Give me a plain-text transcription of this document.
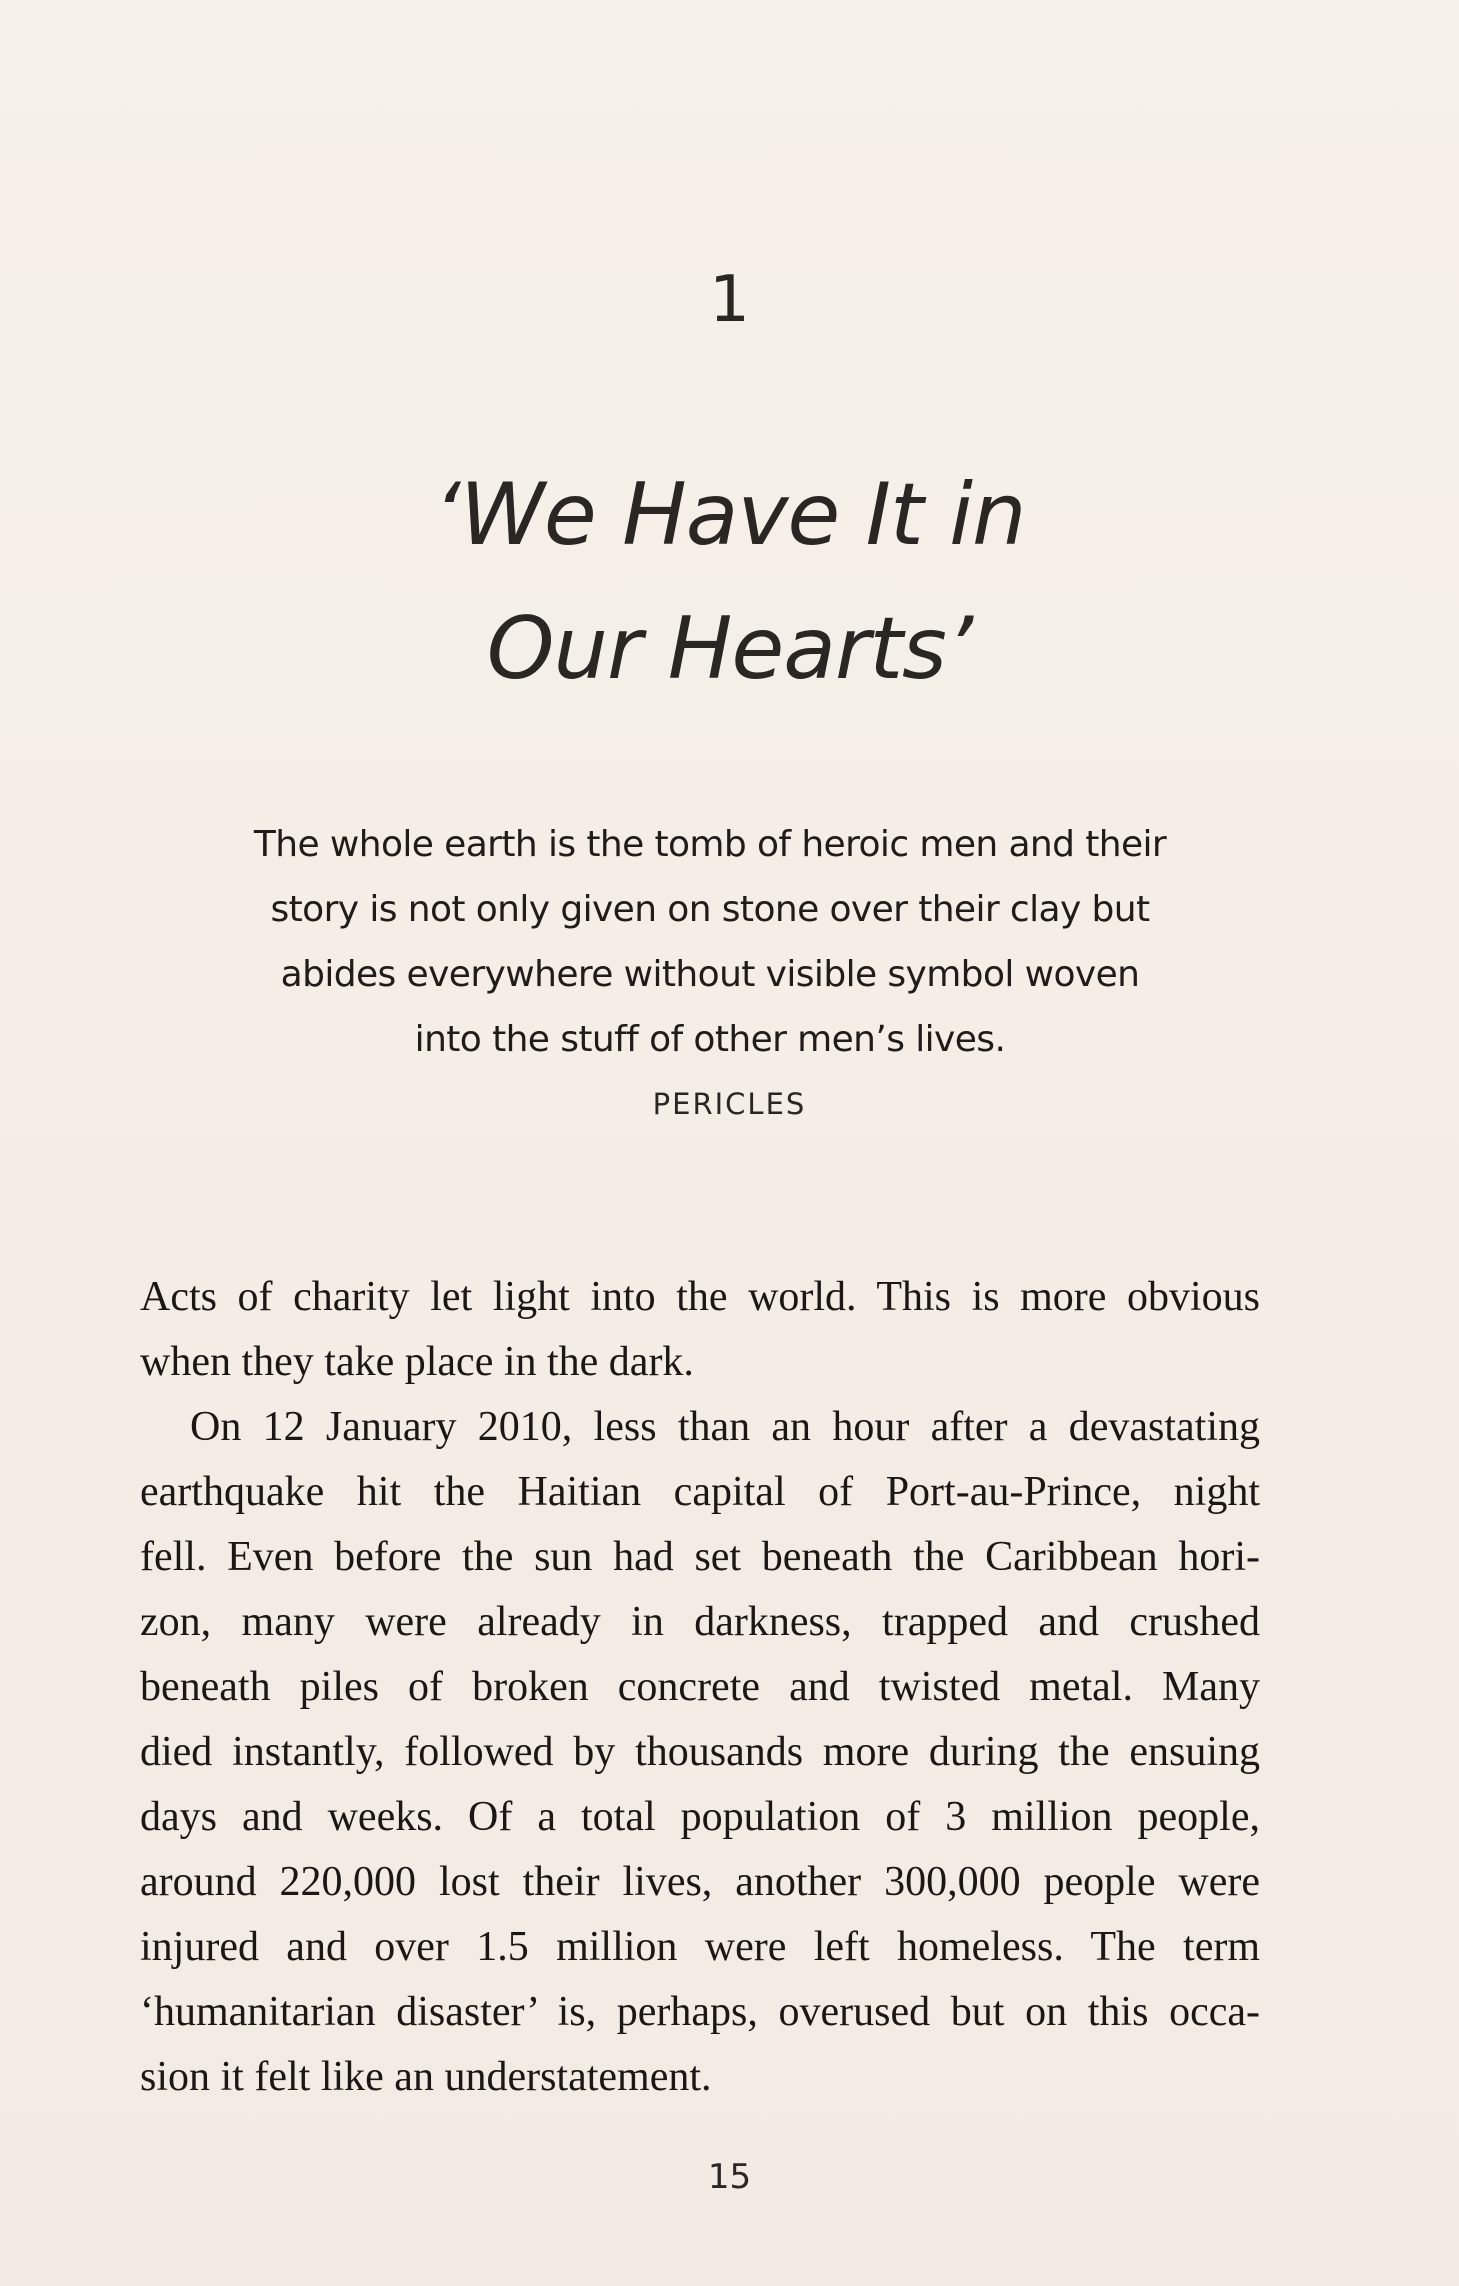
1
‘We Have It in
Our Hearts’
The whole earth is the tomb of heroic men and their
story is not only given on stone over their clay but
abides everywhere without visible symbol woven
into the stuff of other men’s lives.
PERICLES
Acts of charity let light into the world. This is more obvious
when they take place in the dark.
On 12 January 2010, less than an hour after a devastating
earthquake hit the Haitian capital of Port-au-Prince, night
fell. Even before the sun had set beneath the Caribbean hori-
zon, many were already in darkness, trapped and crushed
beneath piles of broken concrete and twisted metal. Many
died instantly, followed by thousands more during the ensuing
days and weeks. Of a total population of 3 million people,
around 220,000 lost their lives, another 300,000 people were
injured and over 1.5 million were left homeless. The term
‘humanitarian disaster’ is, perhaps, overused but on this occa-
sion it felt like an understatement.
15
